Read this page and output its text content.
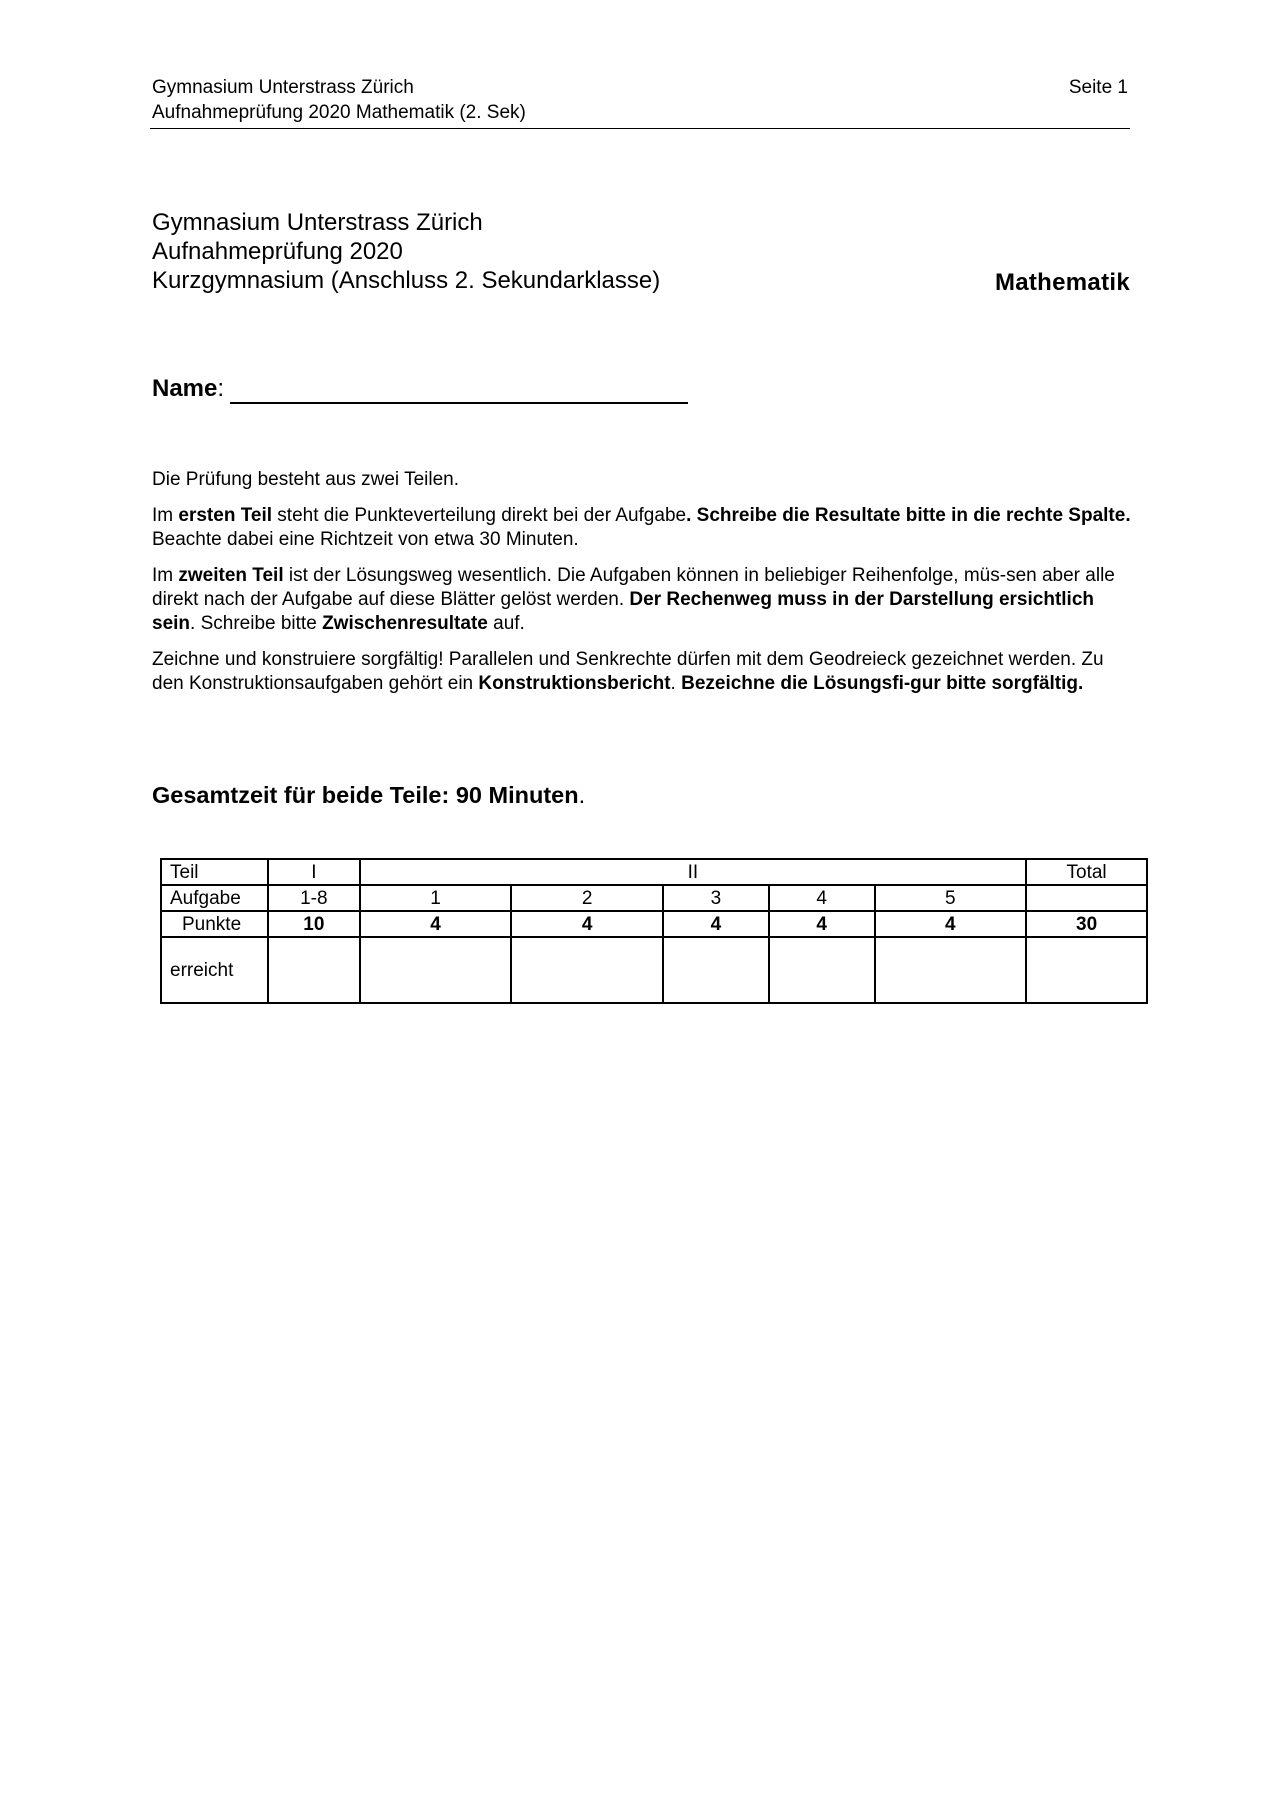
Gymnasium Unterstrass Zürich
Aufnahmeprüfung 2020 Mathematik (2. Sek)
Seite 1
Gymnasium Unterstrass Zürich
Aufnahmeprüfung 2020
Kurzgymnasium (Anschluss 2. Sekundarklasse)	Mathematik
Name :

Die Prüfung besteht aus zwei Teilen.

Im ersten Teil steht die Punkteverteilung direkt bei der Aufgabe. Schreibe die Resultate bitte in die rechte Spalte. Beachte dabei eine Richtzeit von etwa 30 Minuten.

Im zweiten Teil ist der Lösungsweg wesentlich. Die Aufgaben können in beliebiger Reihenfolge, müs-sen aber alle direkt nach der Aufgabe auf diese Blätter gelöst werden. Der Rechenweg muss in der Darstellung ersichtlich sein. Schreibe bitte Zwischenresultate auf.

Zeichne und konstruiere sorgfältig! Parallelen und Senkrechte dürfen mit dem Geodreieck gezeichnet werden. Zu den Konstruktionsaufgaben gehört ein Konstruktionsbericht. Bezeichne die Lösungsfi-gur bitte sorgfältig.

Gesamtzeit für beide Teile: 90 Minuten.
Teil	I	II					Total
Aufgabe	1-8	1	2	3	4	5	
Punkte	10	4	4	4	4	4	30
erreicht							
